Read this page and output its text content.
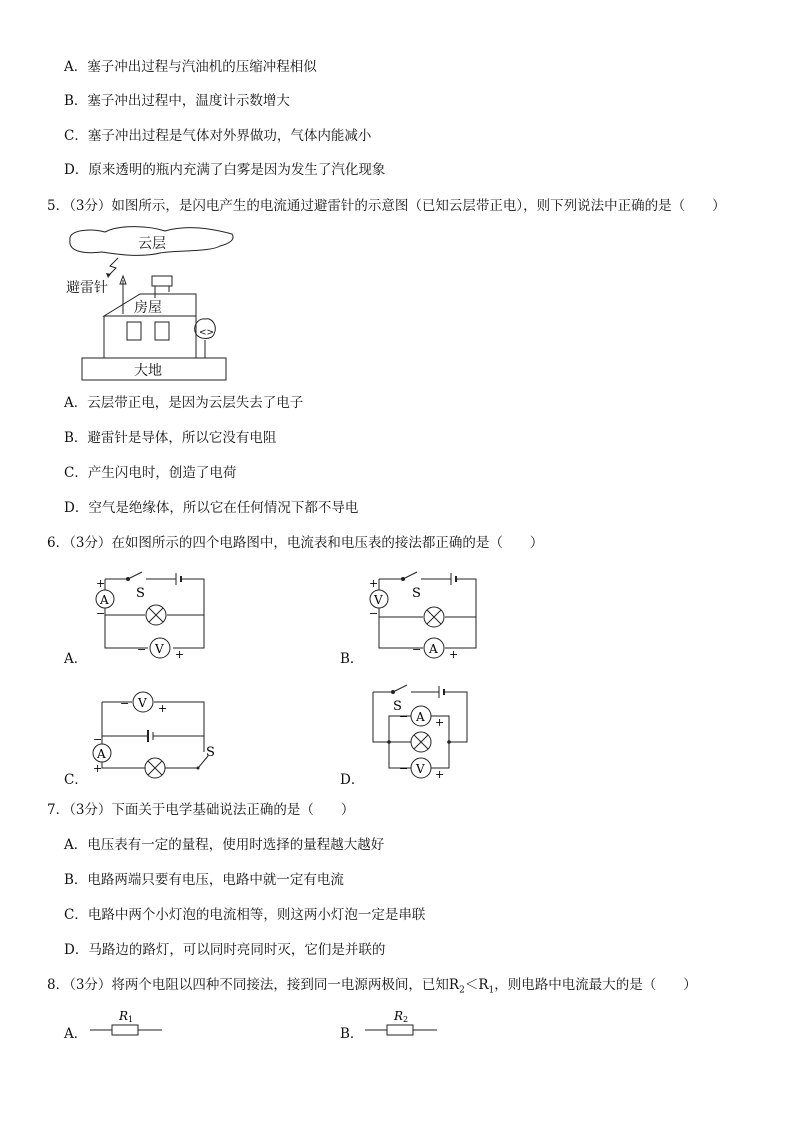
A．塞子冲出过程与汽油机的压缩冲程相似
B．塞子冲出过程中，温度计示数增大
C．塞子冲出过程是气体对外界做功，气体内能减小
D．原来透明的瓶内充满了白雾是因为发生了汽化现象
5．（3分）如图所示，是闪电产生的电流通过避雷针的示意图（已知云层带正电），则下列说法中正确的是（　　）
云层
避雷针
房屋
<>
大地
A．云层带正电，是因为云层失去了电子
B．避雷针是导体，所以它没有电阻
C．产生闪电时，创造了电荷
D．空气是绝缘体，所以它在任何情况下都不导电
6．（3分）在如图所示的四个电路图中，电流表和电压表的接法都正确的是（　　）
A
+
−
S
V
−	+
A．
V
+
−
S
A
−	+
B．
V
−	+
A
−
+
S
C．
S
A
− +
V
− +
D．
7．（3分）下面关于电学基础说法正确的是（　　）
A．电压表有一定的量程，使用时选择的量程越大越好
B．电路两端只要有电压，电路中就一定有电流
C．电路中两个小灯泡的电流相等，则这两小灯泡一定是串联
D．马路边的路灯，可以同时亮同时灭，它们是并联的
8．（3分）将两个电阻以四种不同接法，接到同一电源两极间，已知$R_2<R_1$，则电路中电流最大的是（　　）
A．
R 1
B．
R 2
